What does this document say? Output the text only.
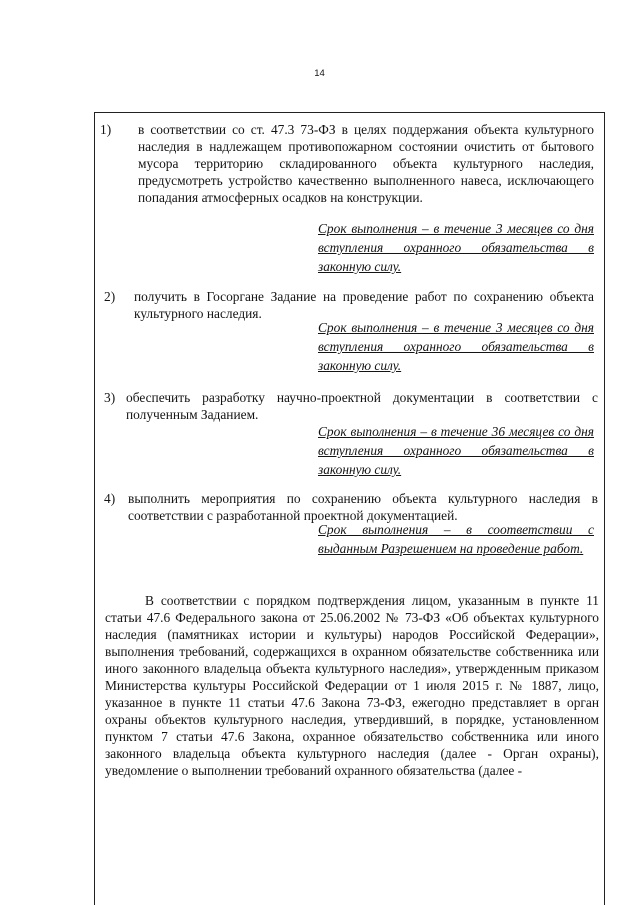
14
1) в соответствии со ст. 47.3 73-ФЗ в целях поддержания объекта культурного наследия в надлежащем противопожарном состоянии очистить от бытового мусора территорию складированного объекта культурного наследия, предусмотреть устройство качественно выполненного навеса, исключающего попадания атмосферных осадков на конструкции.
Срок выполнения – в течение 3 месяцев со дня вступления охранного обязательства в законную силу.
2) получить в Госоргане Задание на проведение работ по сохранению объекта культурного наследия.
Срок выполнения – в течение 3 месяцев со дня вступления охранного обязательства в законную силу.
3) обеспечить разработку научно-проектной документации в соответствии с полученным Заданием.
Срок выполнения – в течение 36 месяцев со дня вступления охранного обязательства в законную силу.
4) выполнить мероприятия по сохранению объекта культурного наследия в соответствии с разработанной проектной документацией.
Срок выполнения – в соответствии с выданным Разрешением на проведение работ.
В соответствии с порядком подтверждения лицом, указанным в пункте 11 статьи 47.6 Федерального закона от 25.06.2002 № 73-ФЗ «Об объектах культурного наследия (памятниках истории и культуры) народов Российской Федерации», выполнения требований, содержащихся в охранном обязательстве собственника или иного законного владельца объекта культурного наследия», утвержденным приказом Министерства культуры Российской Федерации от 1 июля 2015 г. № 1887, лицо, указанное в пункте 11 статьи 47.6 Закона 73-ФЗ, ежегодно представляет в орган охраны объектов культурного наследия, утвердивший, в порядке, установленном пунктом 7 статьи 47.6 Закона, охранное обязательство собственника или иного законного владельца объекта культурного наследия (далее - Орган охраны), уведомление о выполнении требований охранного обязательства (далее -
